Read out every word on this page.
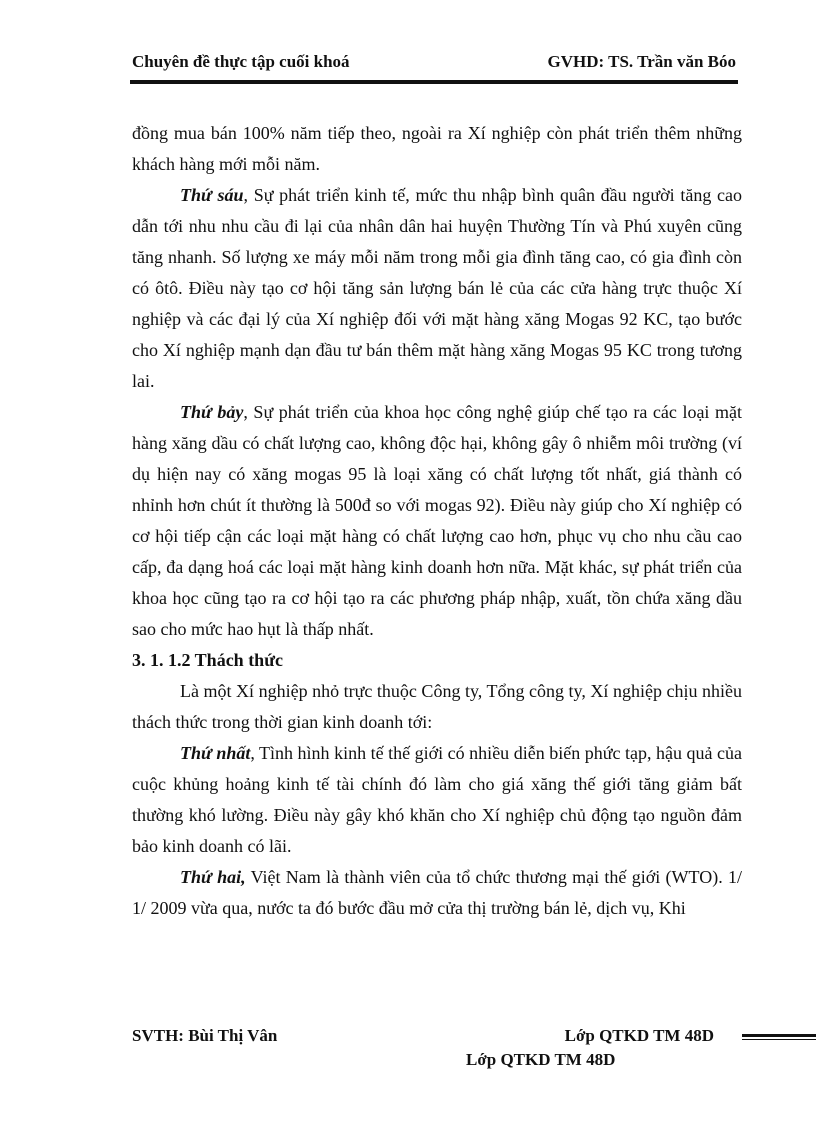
Chuyên đề thực tập cuối khoá	GVHD: TS. Trần văn Bóo

đồng mua bán 100% năm tiếp theo, ngoài ra Xí nghiệp còn phát triển thêm những khách hàng mới mỗi năm.

Thứ sáu, Sự phát triển kinh tế, mức thu nhập bình quân đầu người tăng cao dẫn tới nhu nhu cầu đi lại của nhân dân hai huyện Thường Tín và Phú xuyên cũng tăng nhanh. Số lượng xe máy mỗi năm trong mỗi gia đình tăng cao, có gia đình còn có ôtô. Điều này tạo cơ hội tăng sản lượng bán lẻ của các cửa hàng trực thuộc Xí nghiệp và các đại lý của Xí nghiệp đối với mặt hàng xăng Mogas 92 KC, tạo bước cho Xí nghiệp mạnh dạn đầu tư bán thêm mặt hàng xăng Mogas 95 KC trong tương lai.

Thứ bảy, Sự phát triển của khoa học công nghệ giúp chế tạo ra các loại mặt hàng xăng dầu có chất lượng cao, không độc hại, không gây ô nhiễm môi trường (ví dụ hiện nay có xăng mogas 95 là loại xăng có chất lượng tốt nhất, giá thành có nhỉnh hơn chút ít thường là 500đ so với mogas 92). Điều này giúp cho Xí nghiệp có cơ hội tiếp cận các loại mặt hàng có chất lượng cao hơn, phục vụ cho nhu cầu cao cấp, đa dạng hoá các loại mặt hàng kinh doanh hơn nữa. Mặt khác, sự phát triển của khoa học cũng tạo ra cơ hội tạo ra các phương pháp nhập, xuất, tồn chứa xăng dầu sao cho mức hao hụt là thấp nhất.

3. 1. 1.2 Thách thức

Là một Xí nghiệp nhỏ trực thuộc Công ty, Tổng công ty, Xí nghiệp chịu nhiều thách thức trong thời gian kinh doanh tới:

Thứ nhất, Tình hình kinh tế thế giới có nhiều diễn biến phức tạp, hậu quả của cuộc khủng hoảng kinh tế tài chính đó làm cho giá xăng thế giới tăng giảm bất thường khó lường. Điều này gây khó khăn cho Xí nghiệp chủ động tạo nguồn đảm bảo kinh doanh có lãi.

Thứ hai, Việt Nam là thành viên của tổ chức thương mại thế giới (WTO). 1/ 1/ 2009 vừa qua, nước ta đó bước đầu mở cửa thị trường bán lẻ, dịch vụ, Khi

SVTH: Bùi Thị Vân	Lớp QTKD TM 48D
Lớp QTKD TM 48D
